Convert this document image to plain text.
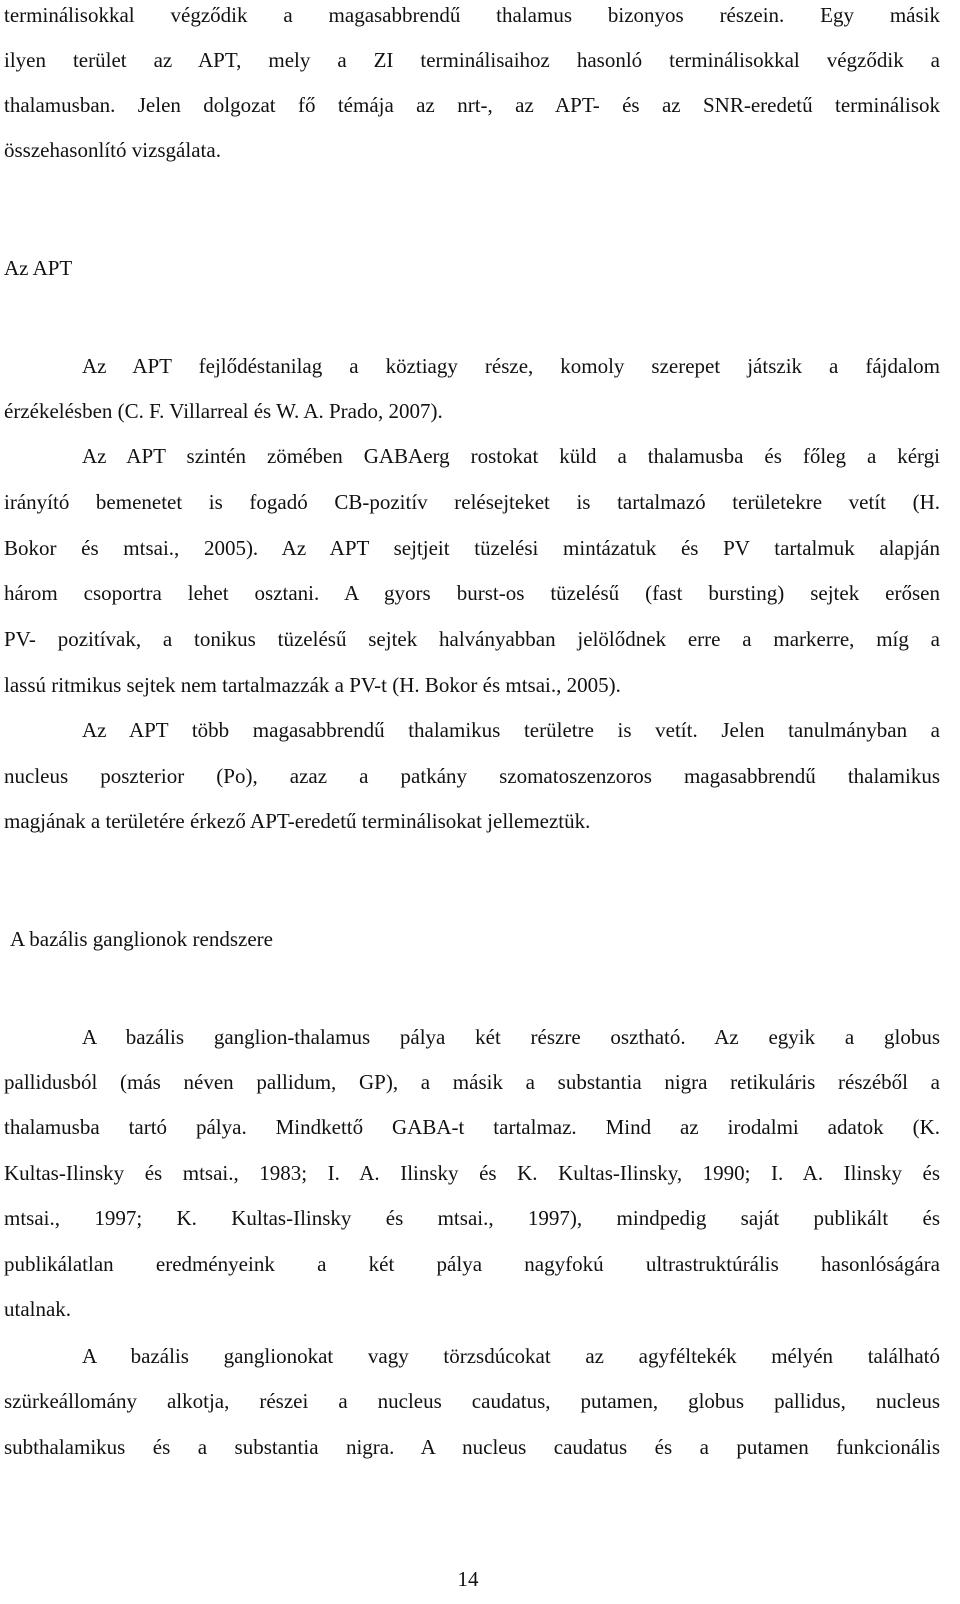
terminálisokkal végződik a magasabbrendű thalamus bizonyos részein. Egy másik
ilyen terület az APT, mely a ZI terminálisaihoz hasonló terminálisokkal végződik a
thalamusban. Jelen dolgozat fő témája az nrt-, az APT- és az SNR-eredetű terminálisok
összehasonlító vizsgálata.
Az APT
Az APT fejlődéstanilag a köztiagy része, komoly szerepet játszik a fájdalom
érzékelésben (C. F. Villarreal és W. A. Prado, 2007).
Az APT szintén zömében GABAerg rostokat küld a thalamusba és főleg a kérgi
irányító bemenetet is fogadó CB-pozitív relésejteket is tartalmazó területekre vetít (H.
Bokor és mtsai., 2005). Az APT sejtjeit tüzelési mintázatuk és PV tartalmuk alapján
három csoportra lehet osztani. A gyors burst-os tüzelésű (fast bursting) sejtek erősen
PV- pozitívak, a tonikus tüzelésű sejtek halványabban jelölődnek erre a markerre, míg a
lassú ritmikus sejtek nem tartalmazzák a PV-t (H. Bokor és mtsai., 2005).
Az APT több magasabbrendű thalamikus területre is vetít. Jelen tanulmányban a
nucleus poszterior (Po), azaz a patkány szomatoszenzoros magasabbrendű thalamikus
magjának a területére érkező APT-eredetű terminálisokat jellemeztük.
A bazális ganglionok rendszere
A bazális ganglion-thalamus pálya két részre osztható. Az egyik a globus
pallidusból (más néven pallidum, GP), a másik a substantia nigra retikuláris részéből a
thalamusba tartó pálya. Mindkettő GABA-t tartalmaz. Mind az irodalmi adatok (K.
Kultas-Ilinsky és mtsai., 1983; I. A. Ilinsky és K. Kultas-Ilinsky, 1990; I. A. Ilinsky és
mtsai., 1997; K. Kultas-Ilinsky és mtsai., 1997), mindpedig saját publikált és
publikálatlan eredményeink a két pálya nagyfokú ultrastruktúrális hasonlóságára
utalnak.
A bazális ganglionokat vagy törzsdúcokat az agyféltekék mélyén található
szürkeállomány alkotja, részei a nucleus caudatus, putamen, globus pallidus, nucleus
subthalamikus és a substantia nigra. A nucleus caudatus és a putamen funkcionális
14
